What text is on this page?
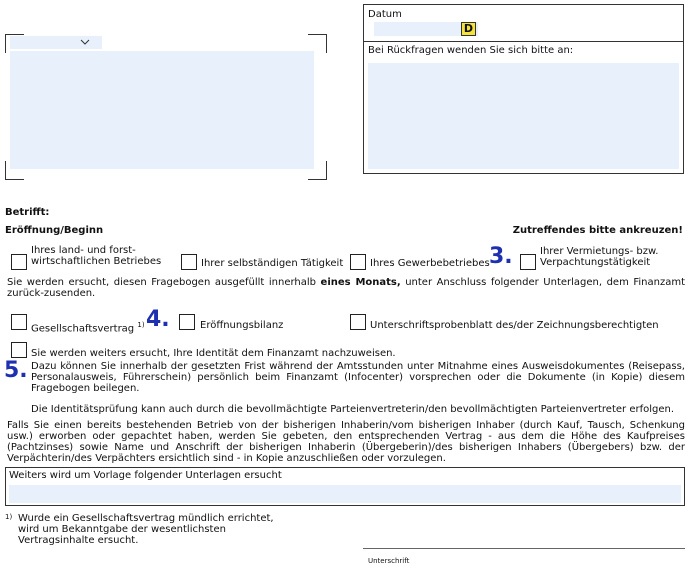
Datum
D
Bei Rückfragen wenden Sie sich bitte an:
Betrifft:
Eröffnung/Beginn	Zutreffendes bitte ankreuzen!
Ihres land- und forst-
wirtschaftlichen Betriebes	Ihrer selbständigen Tätigkeit	Ihres Gewerbebetriebes 3.	Ihrer Vermietungs- bzw.
Verpachtungstätigkeit
Sie werden ersucht, diesen Fragebogen ausgefüllt innerhalb eines Monats, unter Anschluss folgender Unterlagen, dem Finanzamt zurück-zusenden.
Gesellschaftsvertrag $^{1)}$ 4.	Eröffnungsbilanz	Unterschriftsprobenblatt des/der Zeichnungsberechtigten
Sie werden weiters ersucht, Ihre Identität dem Finanzamt nachzuweisen.
5. Dazu können Sie innerhalb der gesetzten Frist während der Amtsstunden unter Mitnahme eines Ausweisdokumentes (Reisepass, Personalausweis, Führerschein) persönlich beim Finanzamt (Infocenter) vorsprechen oder die Dokumente (in Kopie) diesem Fragebogen beilegen.
Die Identitätsprüfung kann auch durch die bevollmächtigte Parteienvertreterin/den bevollmächtigten Parteienvertreter erfolgen.
Falls Sie einen bereits bestehenden Betrieb von der bisherigen Inhaberin/vom bisherigen Inhaber (durch Kauf, Tausch, Schenkung usw.) erworben oder gepachtet haben, werden Sie gebeten, den entsprechenden Vertrag - aus dem die Höhe des Kaufpreises (Pachtzinses) sowie Name und Anschrift der bisherigen Inhaberin (Übergeberin)/des bisherigen Inhabers (Übergebers) bzw. der Verpächterin/des Verpächters ersichtlich sind - in Kopie anzuschließen oder vorzulegen.
Weiters wird um Vorlage folgender Unterlagen ersucht
1) Wurde ein Gesellschaftsvertrag mündlich errichtet,
wird um Bekanntgabe der wesentlichsten
Vertragsinhalte ersucht.
Unterschrift
